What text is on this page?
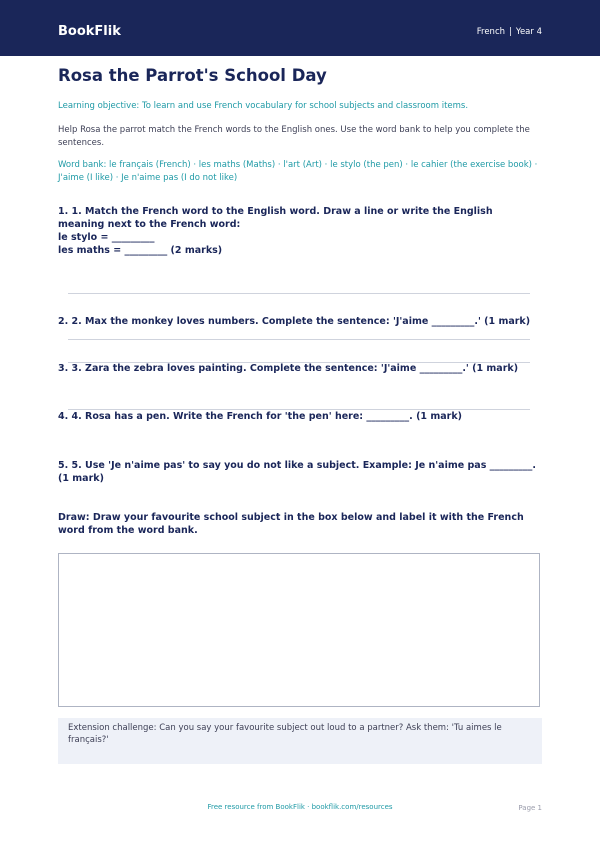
BookFlik	French | Year 4
Rosa the Parrot's School Day
Learning objective: To learn and use French vocabulary for school subjects and classroom items.
Help Rosa the parrot match the French words to the English ones. Use the word bank to help you complete the sentences.
Word bank: le français (French) · les maths (Maths) · l'art (Art) · le stylo (the pen) · le cahier (the exercise book) · J'aime (I like) · Je n'aime pas (I do not like)
1. 1. Match the French word to the English word. Draw a line or write the English meaning next to the French word:
le stylo = _________
les maths = _________ (2 marks)
2. 2. Max the monkey loves numbers. Complete the sentence: 'J'aime _________.' (1 mark)
3. 3. Zara the zebra loves painting. Complete the sentence: 'J'aime _________.' (1 mark)
4. 4. Rosa has a pen. Write the French for 'the pen' here: _________. (1 mark)
5. 5. Use 'Je n'aime pas' to say you do not like a subject. Example: Je n'aime pas _________. (1 mark)
Draw: Draw your favourite school subject in the box below and label it with the French word from the word bank.
Extension challenge: Can you say your favourite subject out loud to a partner? Ask them: 'Tu aimes le français?'
Free resource from BookFlik · bookflik.com/resources	Page 1
